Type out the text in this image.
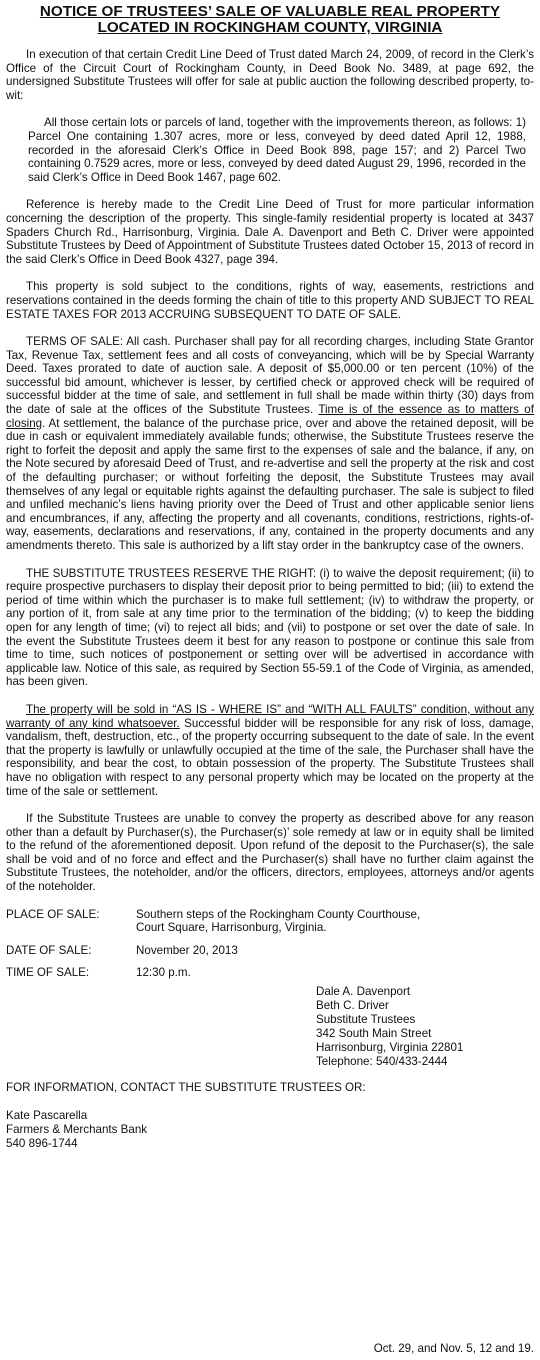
NOTICE OF TRUSTEES’ SALE OF VALUABLE REAL PROPERTY
LOCATED IN ROCKINGHAM COUNTY, VIRGINIA

In execution of that certain Credit Line Deed of Trust dated March 24, 2009, of record in the Clerk’s Office of the Circuit Court of Rockingham County, in Deed Book No. 3489, at page 692, the undersigned Substitute Trustees will offer for sale at public auction the following described property, to-wit:

All those certain lots or parcels of land, together with the improvements thereon, as follows: 1) Parcel One containing 1.307 acres, more or less, conveyed by deed dated April 12, 1988, recorded in the aforesaid Clerk’s Office in Deed Book 898, page 157; and 2) Parcel Two containing 0.7529 acres, more or less, conveyed by deed dated August 29, 1996, recorded in the said Clerk’s Office in Deed Book 1467, page 602.

Reference is hereby made to the Credit Line Deed of Trust for more particular information concerning the description of the property. This single-family residential property is located at 3437 Spaders Church Rd., Harrisonburg, Virginia. Dale A. Davenport and Beth C. Driver were appointed Substitute Trustees by Deed of Appointment of Substitute Trustees dated October 15, 2013 of record in the said Clerk’s Office in Deed Book 4327, page 394.

This property is sold subject to the conditions, rights of way, easements, restrictions and reservations contained in the deeds forming the chain of title to this property AND SUBJECT TO REAL ESTATE TAXES FOR 2013 ACCRUING SUBSEQUENT TO DATE OF SALE.

TERMS OF SALE: All cash. Purchaser shall pay for all recording charges, including State Grantor Tax, Revenue Tax, settlement fees and all costs of conveyancing, which will be by Special Warranty Deed. Taxes prorated to date of auction sale. A deposit of $5,000.00 or ten percent (10%) of the successful bid amount, whichever is lesser, by certified check or approved check will be required of successful bidder at the time of sale, and settlement in full shall be made within thirty (30) days from the date of sale at the offices of the Substitute Trustees. Time is of the essence as to matters of closing. At settlement, the balance of the purchase price, over and above the retained deposit, will be due in cash or equivalent immediately available funds; otherwise, the Substitute Trustees reserve the right to forfeit the deposit and apply the same first to the expenses of sale and the balance, if any, on the Note secured by aforesaid Deed of Trust, and re-advertise and sell the property at the risk and cost of the defaulting purchaser; or without forfeiting the deposit, the Substitute Trustees may avail themselves of any legal or equitable rights against the defaulting purchaser. The sale is subject to filed and unfiled mechanic’s liens having priority over the Deed of Trust and other applicable senior liens and encumbrances, if any, affecting the property and all covenants, conditions, restrictions, rights-of-way, easements, declarations and reservations, if any, contained in the property documents and any amendments thereto. This sale is authorized by a lift stay order in the bankruptcy case of the owners.

THE SUBSTITUTE TRUSTEES RESERVE THE RIGHT: (i) to waive the deposit requirement; (ii) to require prospective purchasers to display their deposit prior to being permitted to bid; (iii) to extend the period of time within which the purchaser is to make full settlement; (iv) to withdraw the property, or any portion of it, from sale at any time prior to the termination of the bidding; (v) to keep the bidding open for any length of time; (vi) to reject all bids; and (vii) to postpone or set over the date of sale. In the event the Substitute Trustees deem it best for any reason to postpone or continue this sale from time to time, such notices of postponement or setting over will be advertised in accordance with applicable law. Notice of this sale, as required by Section 55-59.1 of the Code of Virginia, as amended, has been given.

The property will be sold in “AS IS - WHERE IS” and “WITH ALL FAULTS” condition, without any warranty of any kind whatsoever. Successful bidder will be responsible for any risk of loss, damage, vandalism, theft, destruction, etc., of the property occurring subsequent to the date of sale. In the event that the property is lawfully or unlawfully occupied at the time of the sale, the Purchaser shall have the responsibility, and bear the cost, to obtain possession of the property. The Substitute Trustees shall have no obligation with respect to any personal property which may be located on the property at the time of the sale or settlement.

If the Substitute Trustees are unable to convey the property as described above for any reason other than a default by Purchaser(s), the Purchaser(s)’ sole remedy at law or in equity shall be limited to the refund of the aforementioned deposit. Upon refund of the deposit to the Purchaser(s), the sale shall be void and of no force and effect and the Purchaser(s) shall have no further claim against the Substitute Trustees, the noteholder, and/or the officers, directors, employees, attorneys and/or agents of the noteholder.

PLACE OF SALE:	Southern steps of the Rockingham County Courthouse,
Court Square, Harrisonburg, Virginia.
DATE OF SALE:	November 20, 2013
TIME OF SALE:	12:30 p.m.
Dale A. Davenport
Beth C. Driver
Substitute Trustees
342 South Main Street
Harrisonburg, Virginia 22801
Telephone: 540/433-2444
FOR INFORMATION, CONTACT THE SUBSTITUTE TRUSTEES OR:
Kate Pascarella
Farmers & Merchants Bank
540 896-1744
Oct. 29, and Nov. 5, 12 and 19.
